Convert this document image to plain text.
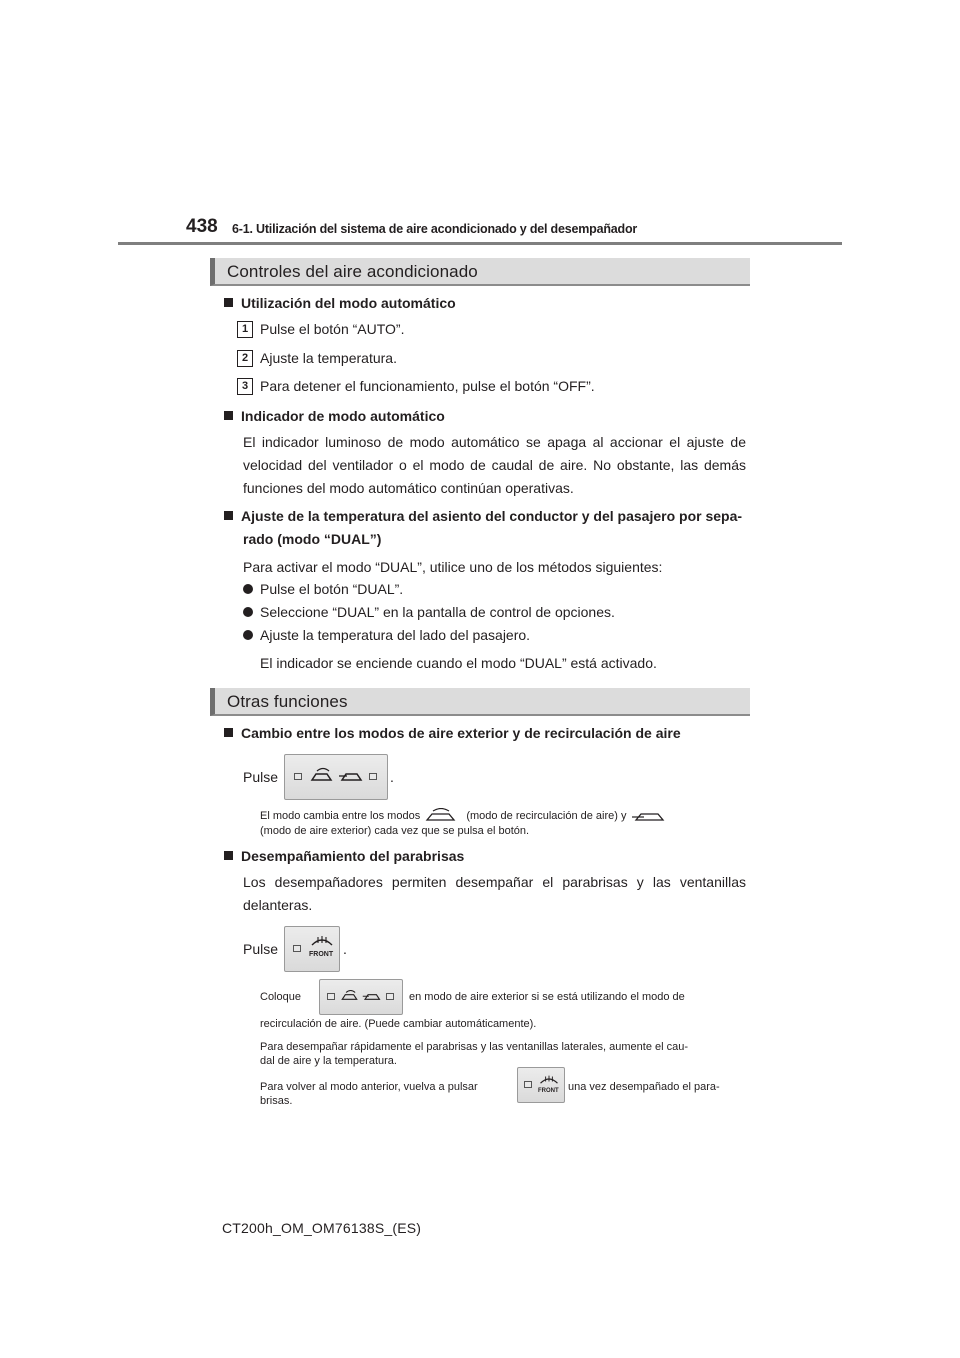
438 6-1. Utilización del sistema de aire acondicionado y del desempañador
Controles del aire acondicionado
Utilización del modo automático
1 Pulse el botón “AUTO”.
2 Ajuste la temperatura.
3 Para detener el funcionamiento, pulse el botón “OFF”.
Indicador de modo automático
El indicador luminoso de modo automático se apaga al accionar el ajuste de velocidad del ventilador o el modo de caudal de aire. No obstante, las demás funciones del modo automático continúan operativas.
Ajuste de la temperatura del asiento del conductor y del pasajero por sepa-
rado (modo “DUAL”)
Para activar el modo “DUAL”, utilice uno de los métodos siguientes:
Pulse el botón “DUAL”.
Seleccione “DUAL” en la pantalla de control de opciones.
Ajuste la temperatura del lado del pasajero.
El indicador se enciende cuando el modo “DUAL” está activado.
Otras funciones
Cambio entre los modos de aire exterior y de recirculación de aire
Pulse	.
El modo cambia entre los modos	(modo de recirculación de aire) y
(modo de aire exterior) cada vez que se pulsa el botón.
Desempañamiento del parabrisas
Los desempañadores permiten desempañar el parabrisas y las ventanillas delanteras.
Pulse	FRONT .
Coloque	en modo de aire exterior si se está utilizando el modo de
recirculación de aire. (Puede cambiar automáticamente).
Para desempañar rápidamente el parabrisas y las ventanillas laterales, aumente el cau-
dal de aire y la temperatura.
Para volver al modo anterior, vuelva a pulsar	FRONT una vez desempañado el para-
brisas.
CT200h_OM_OM76138S_(ES)
